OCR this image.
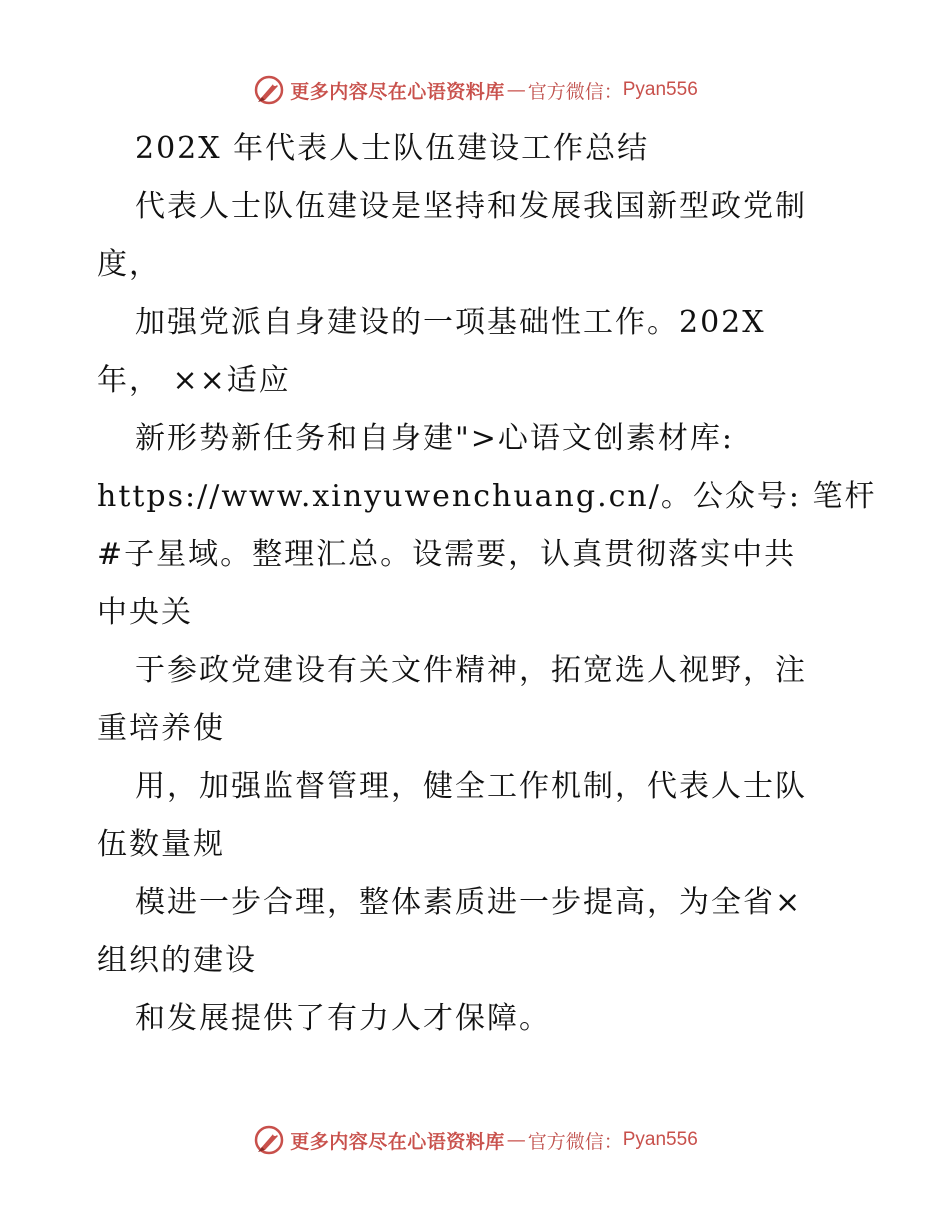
更多内容尽在心语资料库 — 官方微信： Pyan556
202X 年代表人士队伍建设工作总结
代表人士队伍建设是坚持和发展我国新型政党制
度，
加强党派自身建设的一项基础性工作。202X
年， ××适应
新形势新任务和自身建">心语文创素材库:
https://www.xinyuwenchuang.cn/。公众号: 笔杆
#子星域。整理汇总。设需要，认真贯彻落实中共
中央关
于参政党建设有关文件精神，拓宽选人视野，注
重培养使
用，加强监督管理，健全工作机制，代表人士队
伍数量规
模进一步合理，整体素质进一步提高，为全省×
组织的建设
和发展提供了有力人才保障。
更多内容尽在心语资料库 — 官方微信： Pyan556
